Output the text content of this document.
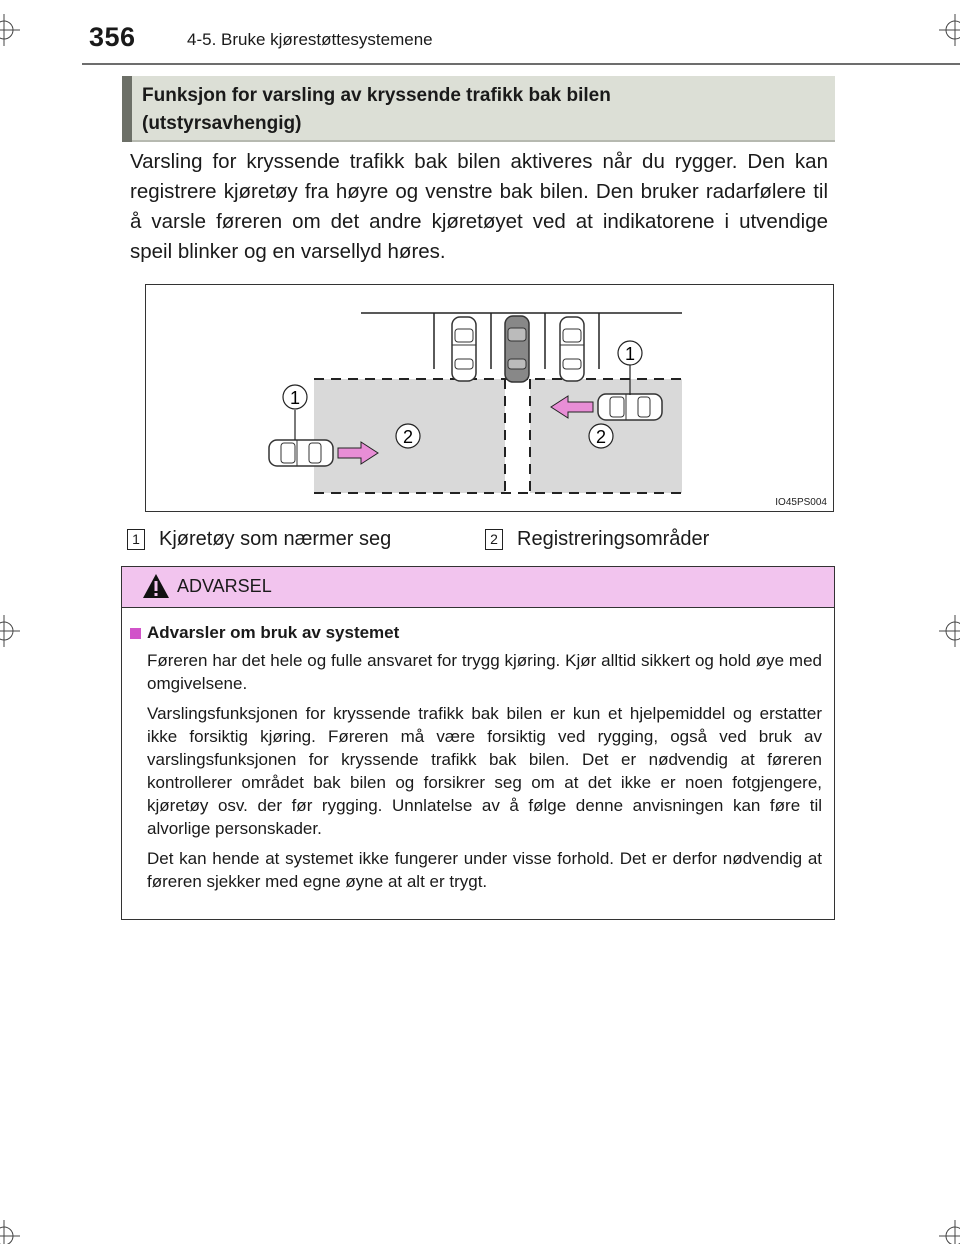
356	4-5. Bruke kjørestøttesystemene
Funksjon for varsling av kryssende trafikk bak bilen
(utstyrsavhengig)
Varsling for kryssende trafikk bak bilen aktiveres når du rygger. Den kan registrere kjøretøy fra høyre og venstre bak bilen. Den bruker radarfølere til å varsle føreren om det andre kjøretøyet ved at indikatorene i utvendige speil blinker og en varsellyd høres.
1
1
2	2
IO45PS004
1 Kjøretøy som nærmer seg	2 Registreringsområder
ADVARSEL
Advarsler om bruk av systemet
Føreren har det hele og fulle ansvaret for trygg kjøring. Kjør alltid sikkert og hold øye med omgivelsene.
Varslingsfunksjonen for kryssende trafikk bak bilen er kun et hjelpemiddel og erstatter ikke forsiktig kjøring. Føreren må være forsiktig ved rygging, også ved bruk av varslingsfunksjonen for kryssende trafikk bak bilen. Det er nødvendig at føreren kontrollerer området bak bilen og forsikrer seg om at det ikke er noen fotgjengere, kjøretøy osv. der før rygging. Unnlatelse av å følge denne anvisningen kan føre til alvorlige personskader.
Det kan hende at systemet ikke fungerer under visse forhold. Det er derfor nødvendig at føreren sjekker med egne øyne at alt er trygt.
